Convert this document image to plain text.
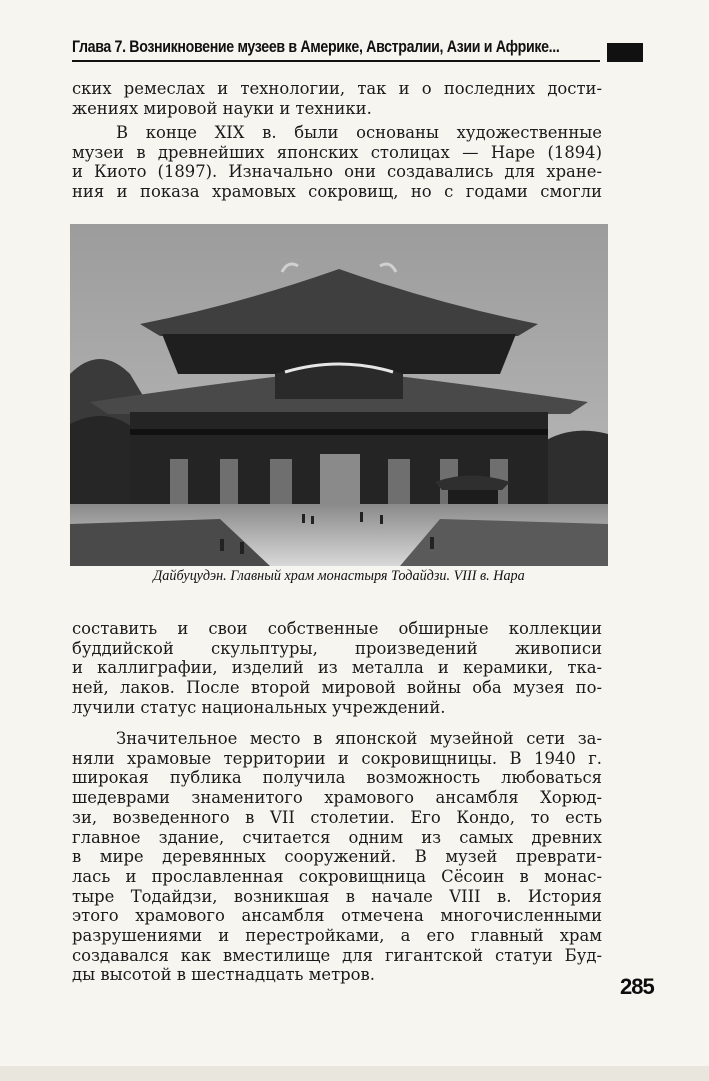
Глава 7. Возникновение музеев в Америке, Австралии, Азии и Африке...

ских ремеслах и технологии, так и о последних дости-
жениях мировой науки и техники.

В конце XIX в. были основаны художественные
музеи в древнейших японских столицах — Наре (1894)
и Киото (1897). Изначально они создавались для хране-
ния и показа храмовых сокровищ, но с годами смогли

Дайбуцудэн. Главный храм монастыря Тодайдзи. VIII в. Нара

составить и свои собственные обширные коллекции
буддийской скульптуры, произведений живописи
и каллиграфии, изделий из металла и керамики, тка-
ней, лаков. После второй мировой войны оба музея по-
лучили статус национальных учреждений.

Значительное место в японской музейной сети за-
няли храмовые территории и сокровищницы. В 1940 г.
широкая публика получила возможность любоваться
шедеврами знаменитого храмового ансамбля Хорюд-
зи, возведенного в VII столетии. Его Кондо, то есть
главное здание, считается одним из самых древних
в мире деревянных сооружений. В музей преврати-
лась и прославленная сокровищница Сёсоин в монас-
тыре Тодайдзи, возникшая в начале VIII в. История
этого храмового ансамбля отмечена многочисленными
разрушениями и перестройками, а его главный храм
создавался как вместилище для гигантской статуи Буд-
ды высотой в шестнадцать метров.	285
